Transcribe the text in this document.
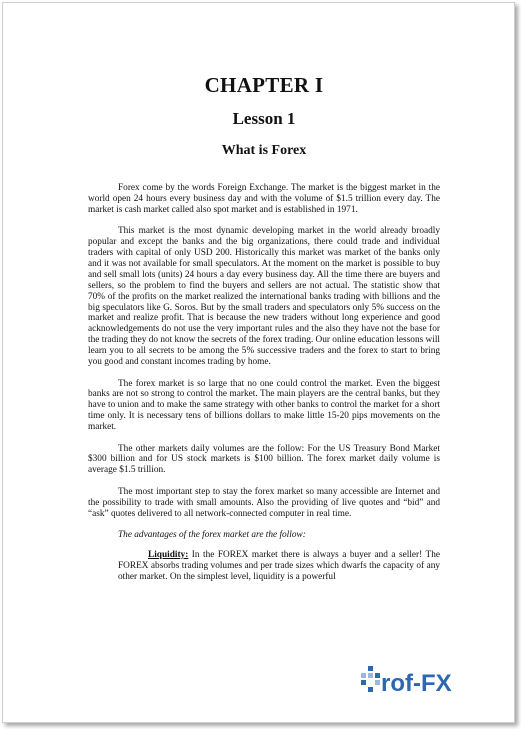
CHAPTER I
Lesson 1
What is Forex

Forex come by the words Foreign Exchange. The market is the biggest market in the world open 24 hours every business day and with the volume of $1.5 trillion every day. The market is cash market called also spot market and is established in 1971.

This market is the most dynamic developing market in the world already broadly popular and except the banks and the big organizations, there could trade and individual traders with capital of only USD 200. Historically this market was market of the banks only and it was not available for small speculators. At the moment on the market is possible to buy and sell small lots (units) 24 hours a day every business day. All the time there are buyers and sellers, so the problem to find the buyers and sellers are not actual. The statistic show that 70% of the profits on the market realized the international banks trading with billions and the big speculators like G. Soros. But by the small traders and speculators only 5% success on the market and realize profit. That is because the new traders without long experience and good acknowledgements do not use the very important rules and the also they have not the base for the trading they do not know the secrets of the forex trading. Our online education lessons will learn you to all secrets to be among the 5% successive traders and the forex to start to bring you good and constant incomes trading by home.

The forex market is so large that no one could control the market. Even the biggest banks are not so strong to control the market. The main players are the central banks, but they have to union and to make the same strategy with other banks to control the market for a short time only. It is necessary tens of billions dollars to make little 15-20 pips movements on the market.

The other markets daily volumes are the follow: For the US Treasury Bond Market $300 billion and for US stock markets is $100 billion. The forex market daily volume is average $1.5 trillion.

The most important step to stay the forex market so many accessible are Internet and the possibility to trade with small amounts. Also the providing of live quotes and “bid” and “ask” quotes delivered to all network-connected computer in real time.

The advantages of the forex market are the follow:

Liquidity: In the FOREX market there is always a buyer and a seller! The FOREX absorbs trading volumes and per trade sizes which dwarfs the capacity of any other market. On the simplest level, liquidity is a powerful

rof-FX
